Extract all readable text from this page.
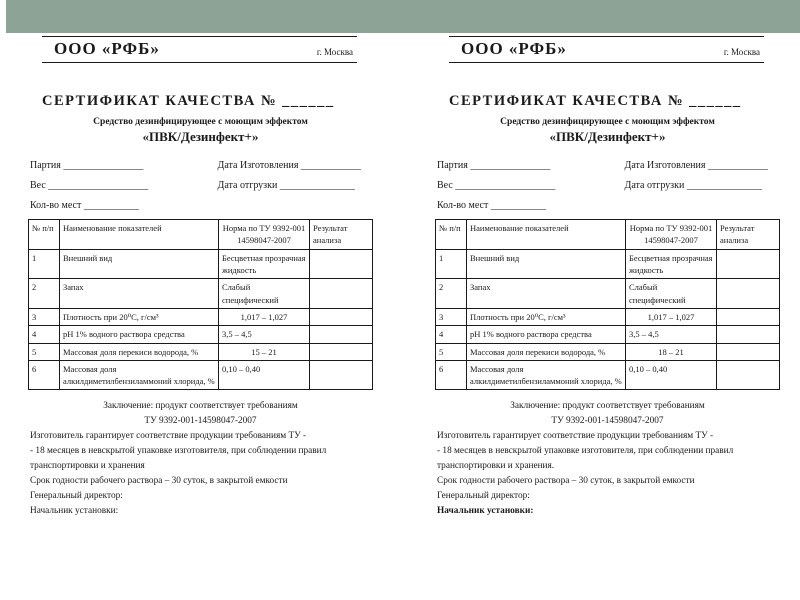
ООО «РФБ»	г. Москва
СЕРТИФИКАТ КАЧЕСТВА № ______
Средство дезинфицирующее с моющим эффектом
«ПВК/Дезинфект+»
Партия ________________	Дата Изготовления ____________
Вес ____________________	Дата отгрузки _______________
Кол-во мест ___________
№ п/п	Наименование показателей	Норма по ТУ 9392-001 14598047-2007	Результат анализа
1	Внешний вид	Бесцветная прозрачная жидкость	
2	Запах	Слабый специфический	
3	Плотность при 20⁰С, г/см³	1,017 – 1,027	
4	рН 1% водного раствора средства	3,5 – 4,5	
5	Массовая доля перекиси водорода, %	15 – 21	
6	Массовая доля алкилдиметилбензиламмоний хлорида, %	0,10 – 0,40	
Заключение: продукт соответствует требованиям
ТУ 9392-001-14598047-2007
Изготовитель гарантирует соответствие продукции требованиям ТУ -
- 18 месяцев в невскрытой упаковке изготовителя, при соблюдении правил транспортировки и хранения
Срок годности рабочего раствора – 30 суток, в закрытой емкости
Генеральный директор:
Начальник установки:
ООО «РФБ»	г. Москва
СЕРТИФИКАТ КАЧЕСТВА № ______
Средство дезинфицирующее с моющим эффектом
«ПВК/Дезинфект+»
Партия ________________	Дата Изготовления ____________
Вес ____________________	Дата отгрузки _______________
Кол-во мест ___________
№ п/п	Наименование показателей	Норма по ТУ 9392-001 14598047-2007	Результат анализа
1	Внешний вид	Бесцветная прозрачная жидкость	
2	Запах	Слабый специфический	
3	Плотность при 20⁰С, г/см³	1,017 – 1,027	
4	рН 1% водного раствора средства	3,5 – 4,5	
5	Массовая доля перекиси водорода, %	18 – 21	
6	Массовая доля алкилдиметилбензиламмоний хлорида, %	0,10 – 0,40	
Заключение: продукт соответствует требованиям
ТУ 9392-001-14598047-2007
Изготовитель гарантирует соответствие продукции требованиям ТУ -
- 18 месяцев в невскрытой упаковке изготовителя, при соблюдении правил транспортировки и хранения.
Срок годности рабочего раствора – 30 суток, в закрытой емкости
Генеральный директор:
Начальник установки:
